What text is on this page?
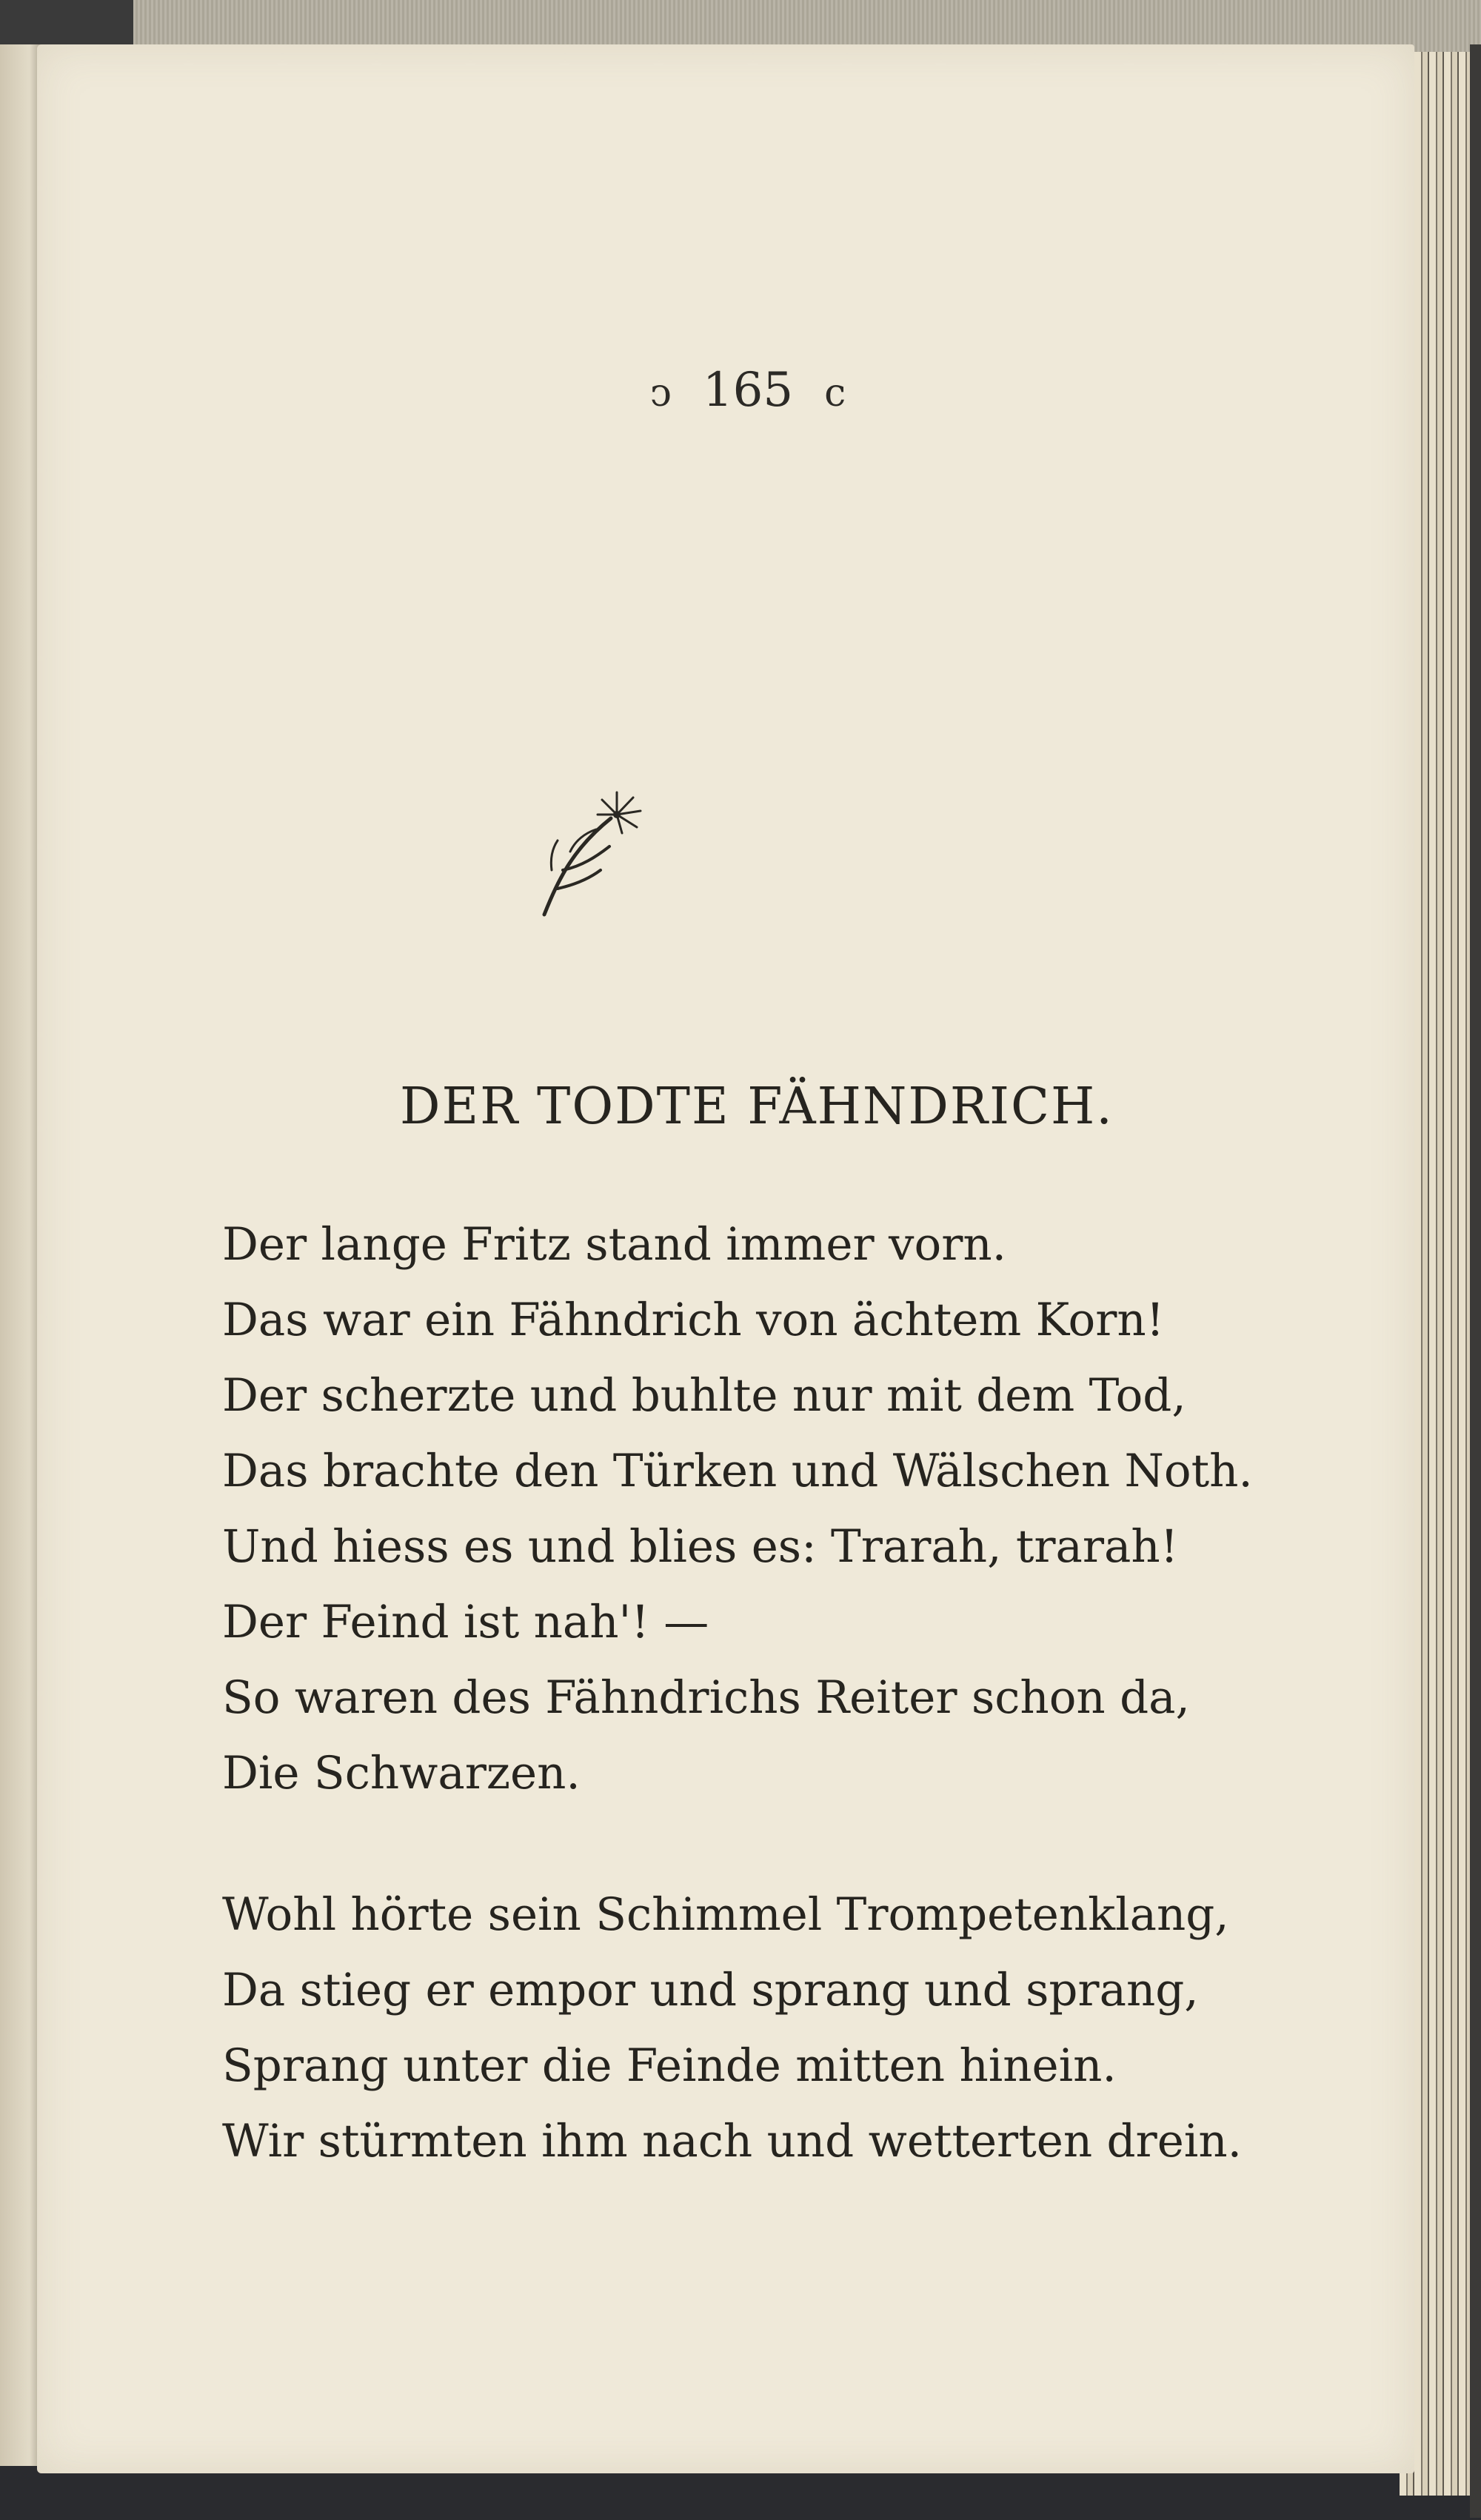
ↄ 165 c
DER TODTE FÄHNDRICH.
Der lange Fritz stand immer vorn.
Das war ein Fähndrich von ächtem Korn!
Der scherzte und buhlte nur mit dem Tod,
Das brachte den Türken und Wälschen Noth.
Und hiess es und blies es: Trarah, trarah!
Der Feind ist nah'! —
So waren des Fähndrichs Reiter schon da,
Die Schwarzen.
Wohl hörte sein Schimmel Trompetenklang,
Da stieg er empor und sprang und sprang,
Sprang unter die Feinde mitten hinein.
Wir stürmten ihm nach und wetterten drein.
